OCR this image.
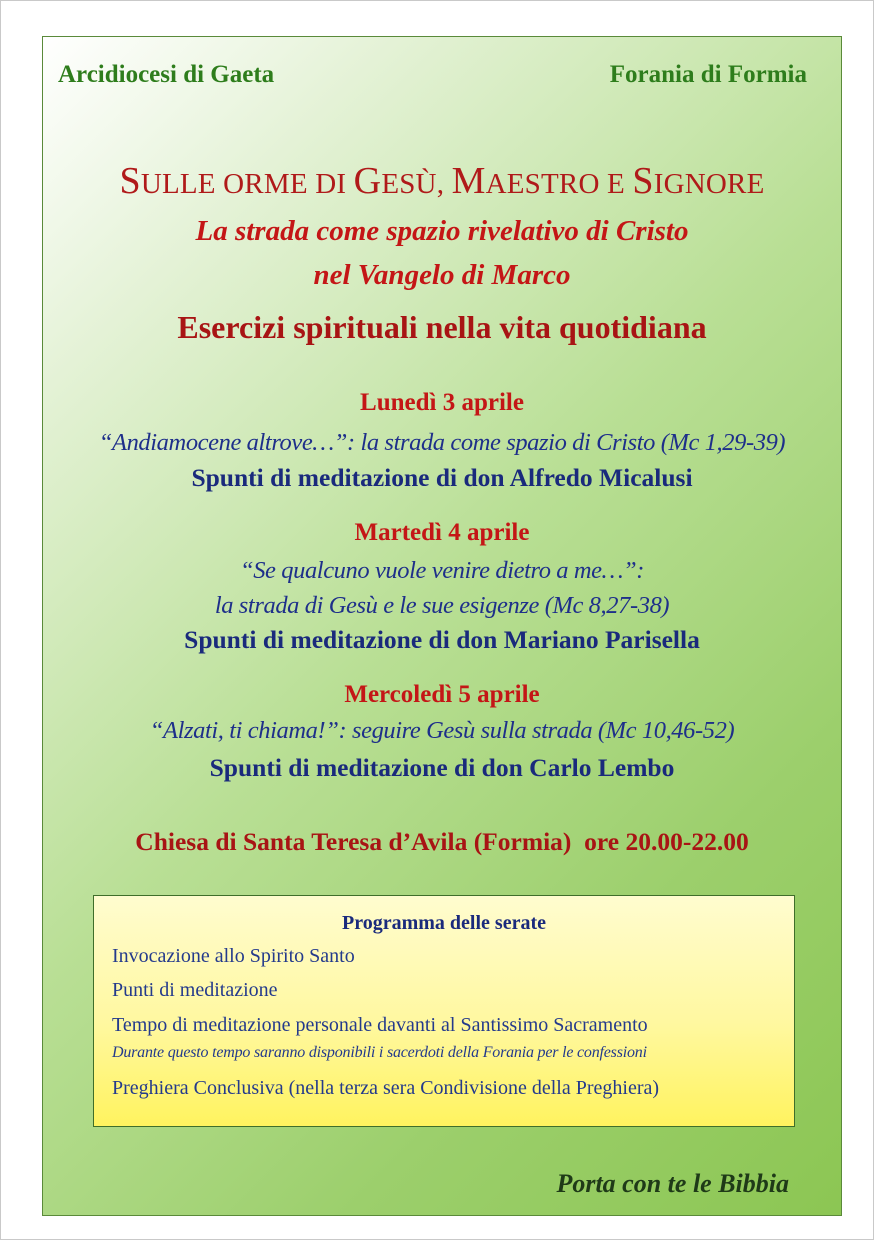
Arcidiocesi di Gaeta	Forania di Formia
SULLE ORME DI GESÙ, MAESTRO E SIGNORE
La strada come spazio rivelativo di Cristo
nel Vangelo di Marco
Esercizi spirituali nella vita quotidiana
Lunedì 3 aprile
“Andiamocene altrove…”: la strada come spazio di Cristo (Mc 1,29-39)
Spunti di meditazione di don Alfredo Micalusi
Martedì 4 aprile
“Se qualcuno vuole venire dietro a me…”:
la strada di Gesù e le sue esigenze (Mc 8,27-38)
Spunti di meditazione di don Mariano Parisella
Mercoledì 5 aprile
“Alzati, ti chiama!”: seguire Gesù sulla strada (Mc 10,46-52)
Spunti di meditazione di don Carlo Lembo
Chiesa di Santa Teresa d’Avila (Formia)  ore 20.00-22.00
Programma delle serate
Invocazione allo Spirito Santo
Punti di meditazione
Tempo di meditazione personale davanti al Santissimo Sacramento
Durante questo tempo saranno disponibili i sacerdoti della Forania per le confessioni
Preghiera Conclusiva (nella terza sera Condivisione della Preghiera)
Porta con te le Bibbia
